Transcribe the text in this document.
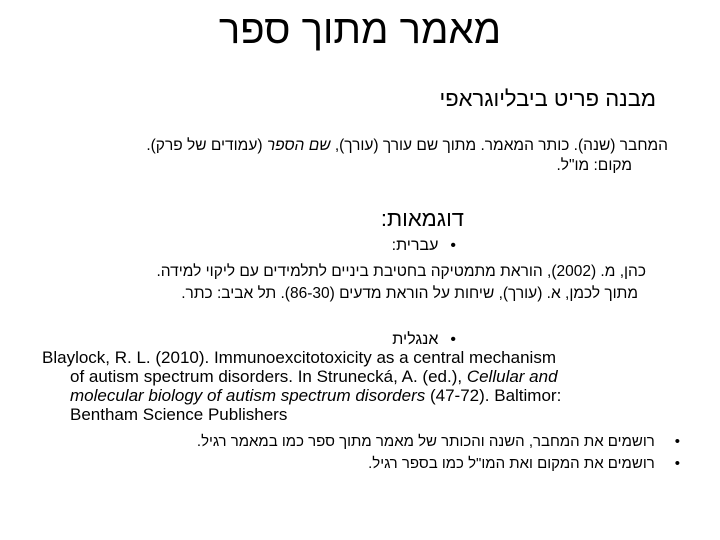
מאמר מתוך ספר
מבנה פריט ביבליוגראפי
המחבר (שנה). כותר המאמר. מתוך שם עורך (עורך), שם הספר (עמודים של פרק).
מקום: מו"ל.
דוגמאות:
•עברית:
כהן, מ. (2002), הוראת מתמטיקה בחטיבת ביניים לתלמידים עם ליקוי למידה.
מתוך לכמן, א. (עורך), שיחות על הוראת מדעים (86-30). תל אביב: כתר.
•אנגלית
Blaylock, R. L. (2010). Immunoexcitotoxicity as a central mechanism
of autism spectrum disorders. In Strunecká, A. (ed.), Cellular and
molecular biology of autism spectrum disorders (47-72). Baltimor:
Bentham Science Publishers
•רושמים את המחבר, השנה והכותר של מאמר מתוך ספר כמו במאמר רגיל.
•רושמים את המקום ואת המו"ל כמו בספר רגיל.
